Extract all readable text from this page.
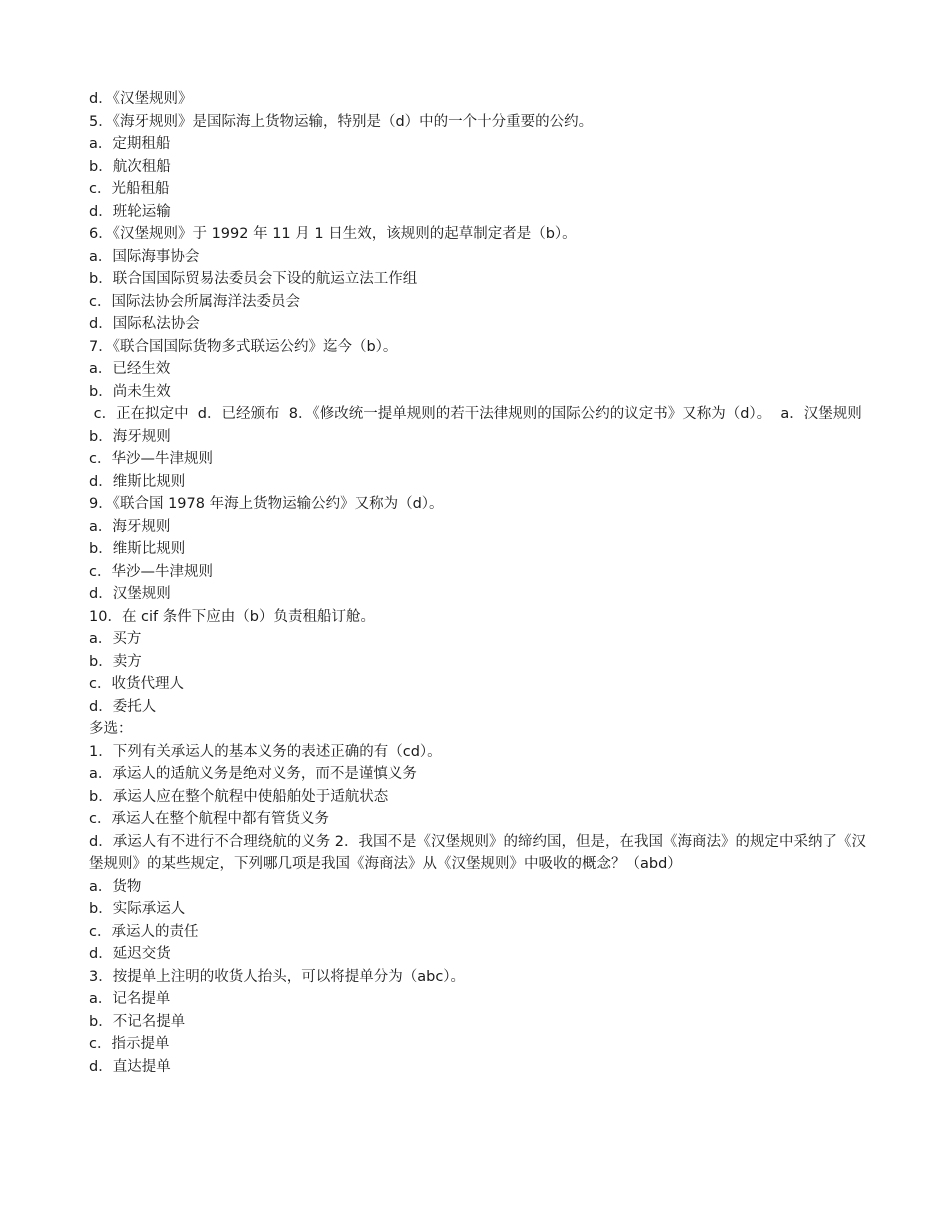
d．《汉堡规则》
5．《海牙规则》是国际海上货物运输，特别是（d）中的一个十分重要的公约。
a．定期租船
b．航次租船
c．光船租船
d．班轮运输
6．《汉堡规则》于 1992 年 11 月 1 日生效，该规则的起草制定者是（b）。
a．国际海事协会
b．联合国国际贸易法委员会下设的航运立法工作组
c．国际法协会所属海洋法委员会
d．国际私法协会
7．《联合国国际货物多式联运公约》迄今（b）。
a．已经生效
b．尚未生效
c．正在拟定中  d．已经颁布  8．《修改统一提单规则的若干法律规则的国际公约的议定书》又称为（d）。  a．汉堡规则
b．海牙规则
c．华沙—牛津规则
d．维斯比规则
9．《联合国 1978 年海上货物运输公约》又称为（d）。
a．海牙规则
b．维斯比规则
c．华沙—牛津规则
d．汉堡规则
10．在 cif 条件下应由（b）负责租船订舱。
a．买方
b．卖方
c．收货代理人
d．委托人
多选：
1．下列有关承运人的基本义务的表述正确的有（cd）。
a．承运人的适航义务是绝对义务，而不是谨慎义务
b．承运人应在整个航程中使船舶处于适航状态
c．承运人在整个航程中都有管货义务
d．承运人有不进行不合理绕航的义务 2．我国不是《汉堡规则》的缔约国，但是，在我国《海商法》的规定中采纳了《汉堡规则》的某些规定，下列哪几项是我国《海商法》从《汉堡规则》中吸收的概念？（abd）
a．货物
b．实际承运人
c．承运人的责任
d．延迟交货
3．按提单上注明的收货人抬头，可以将提单分为（abc）。
a．记名提单
b．不记名提单
c．指示提单
d．直达提单
